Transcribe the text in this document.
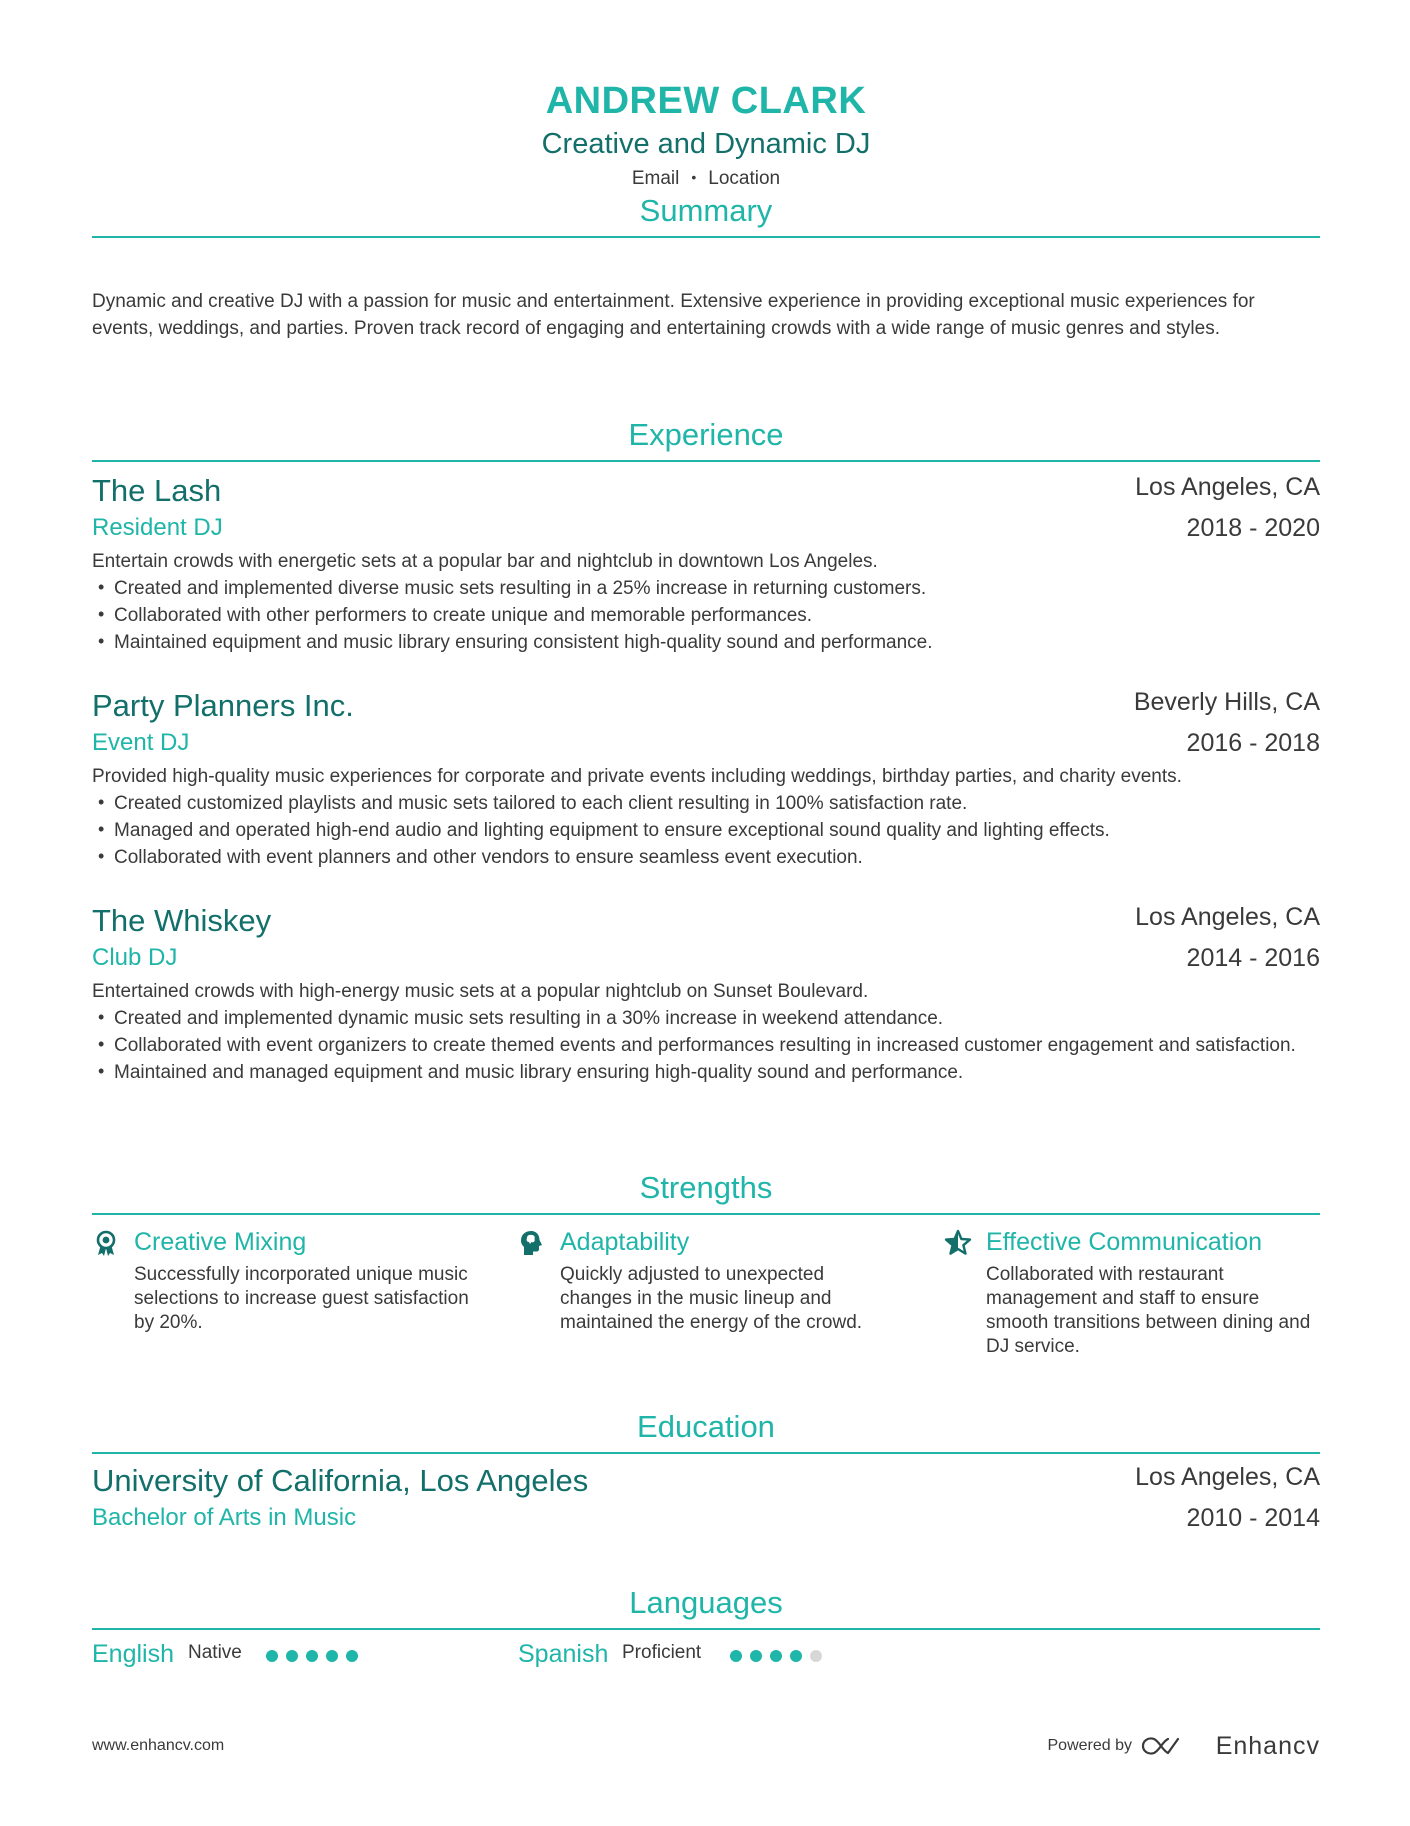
ANDREW CLARK
Creative and Dynamic DJ
Email • Location
Summary
Dynamic and creative DJ with a passion for music and entertainment. Extensive experience in providing exceptional music experiences for events, weddings, and parties. Proven track record of engaging and entertaining crowds with a wide range of music genres and styles.
Experience
The Lash	Los Angeles, CA
Resident DJ	2018 - 2020
Entertain crowds with energetic sets at a popular bar and nightclub in downtown Los Angeles.
• Created and implemented diverse music sets resulting in a 25% increase in returning customers.
• Collaborated with other performers to create unique and memorable performances.
• Maintained equipment and music library ensuring consistent high-quality sound and performance.
Party Planners Inc.	Beverly Hills, CA
Event DJ	2016 - 2018
Provided high-quality music experiences for corporate and private events including weddings, birthday parties, and charity events.
• Created customized playlists and music sets tailored to each client resulting in 100% satisfaction rate.
• Managed and operated high-end audio and lighting equipment to ensure exceptional sound quality and lighting effects.
• Collaborated with event planners and other vendors to ensure seamless event execution.
The Whiskey	Los Angeles, CA
Club DJ	2014 - 2016
Entertained crowds with high-energy music sets at a popular nightclub on Sunset Boulevard.
• Created and implemented dynamic music sets resulting in a 30% increase in weekend attendance.
• Collaborated with event organizers to create themed events and performances resulting in increased customer engagement and satisfaction.
• Maintained and managed equipment and music library ensuring high-quality sound and performance.
Strengths
Creative Mixing
Successfully incorporated unique music selections to increase guest satisfaction by 20%.
Adaptability
Quickly adjusted to unexpected changes in the music lineup and maintained the energy of the crowd.
Effective Communication
Collaborated with restaurant management and staff to ensure smooth transitions between dining and DJ service.
Education
University of California, Los Angeles	Los Angeles, CA
Bachelor of Arts in Music	2010 - 2014
Languages
English Native	Spanish Proficient
www.enhancv.com	Powered by	Enhancv
